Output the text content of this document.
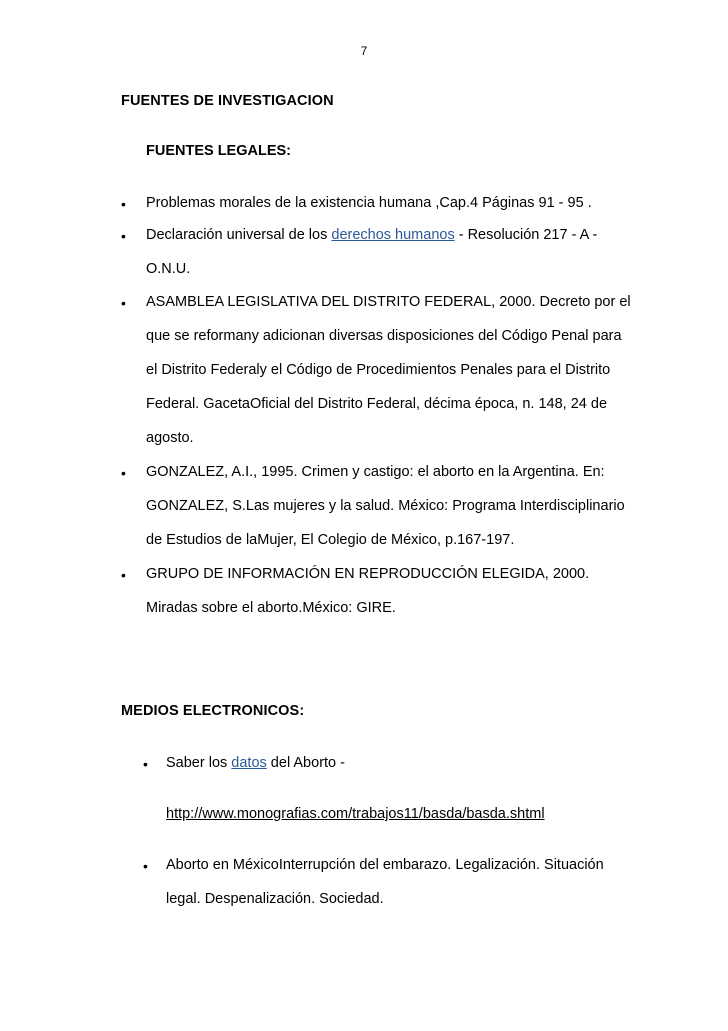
7
FUENTES DE INVESTIGACION
FUENTES LEGALES:
• Problemas morales de la existencia humana ,Cap.4 Páginas 91 - 95 .
• Declaración universal de los derechos humanos - Resolución 217 - A -
O.N.U.
• ASAMBLEA LEGISLATIVA DEL DISTRITO FEDERAL, 2000. Decreto por el
que se reformany adicionan diversas disposiciones del Código Penal para
el Distrito Federaly el Código de Procedimientos Penales para el Distrito
Federal. GacetaOficial del Distrito Federal, décima época, n. 148, 24 de
agosto.
• GONZALEZ, A.I., 1995. Crimen y castigo: el aborto en la Argentina. En:
GONZALEZ, S.Las mujeres y la salud. México: Programa Interdisciplinario
de Estudios de laMujer, El Colegio de México, p.167-197.
• GRUPO DE INFORMACIÓN EN REPRODUCCIÓN ELEGIDA, 2000.
Miradas sobre el aborto.México: GIRE.
MEDIOS ELECTRONICOS:
• Saber los datos del Aborto -
http://www.monografias.com/trabajos11/basda/basda.shtml
• Aborto en MéxicoInterrupción del embarazo. Legalización. Situación
legal. Despenalización. Sociedad.
